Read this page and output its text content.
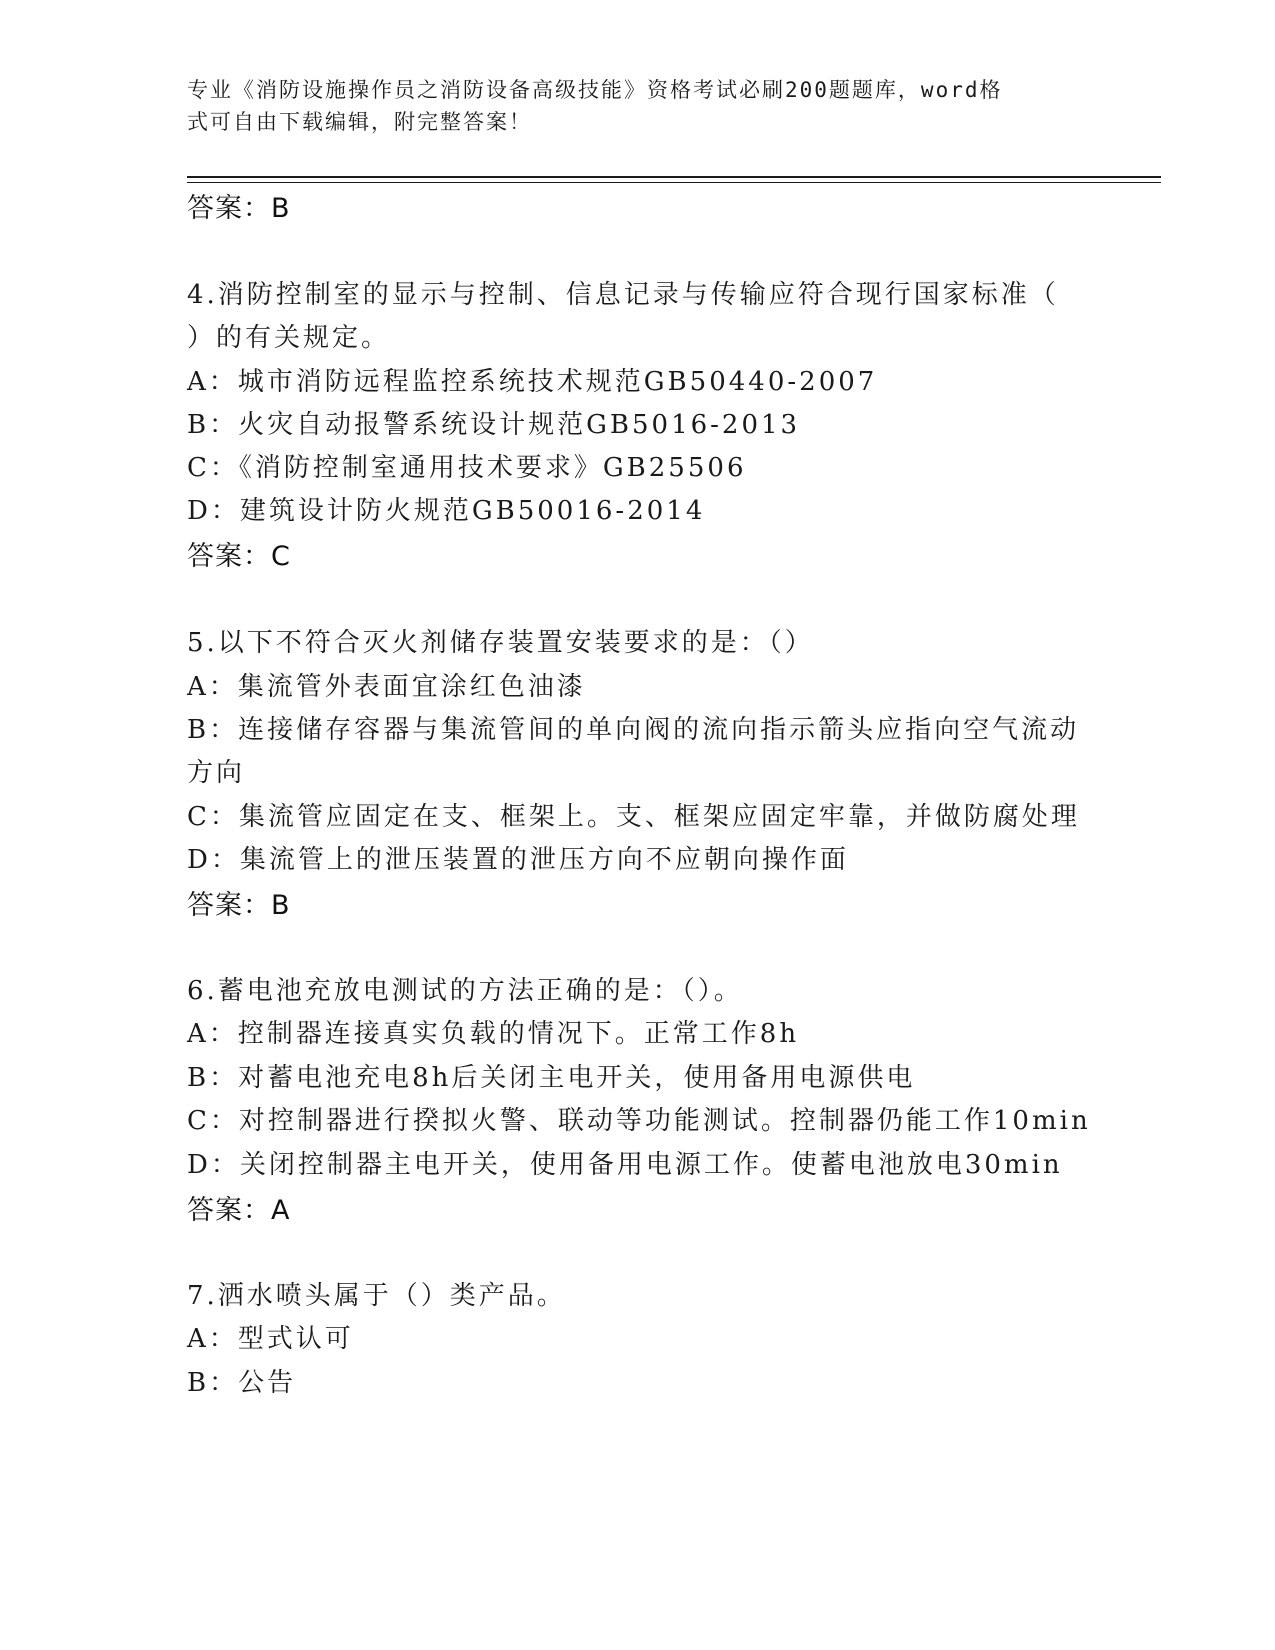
专业《消防设施操作员之消防设备高级技能》资格考试必刷200题题库，word格
式可自由下载编辑，附完整答案！
答案：B
4.消防控制室的显示与控制、信息记录与传输应符合现行国家标准（
）的有关规定。
A：城市消防远程监控系统技术规范GB50440-2007
B：火灾自动报警系统设计规范GB5016-2013
C：《消防控制室通用技术要求》GB25506
D：建筑设计防火规范GB50016-2014
答案：C
5.以下不符合灭火剂储存装置安装要求的是：（）
A：集流管外表面宜涂红色油漆
B：连接储存容器与集流管间的单向阀的流向指示箭头应指向空气流动
方向
C：集流管应固定在支、框架上。支、框架应固定牢靠，并做防腐处理
D：集流管上的泄压装置的泄压方向不应朝向操作面
答案：B
6.蓄电池充放电测试的方法正确的是：（）。
A：控制器连接真实负载的情况下。正常工作8h
B：对蓄电池充电8h后关闭主电开关，使用备用电源供电
C：对控制器进行揆拟火警、联动等功能测试。控制器仍能工作10min
D：关闭控制器主电开关，使用备用电源工作。使蓄电池放电30min
答案：A
7.洒水喷头属于（）类产品。
A：型式认可
B：公告
